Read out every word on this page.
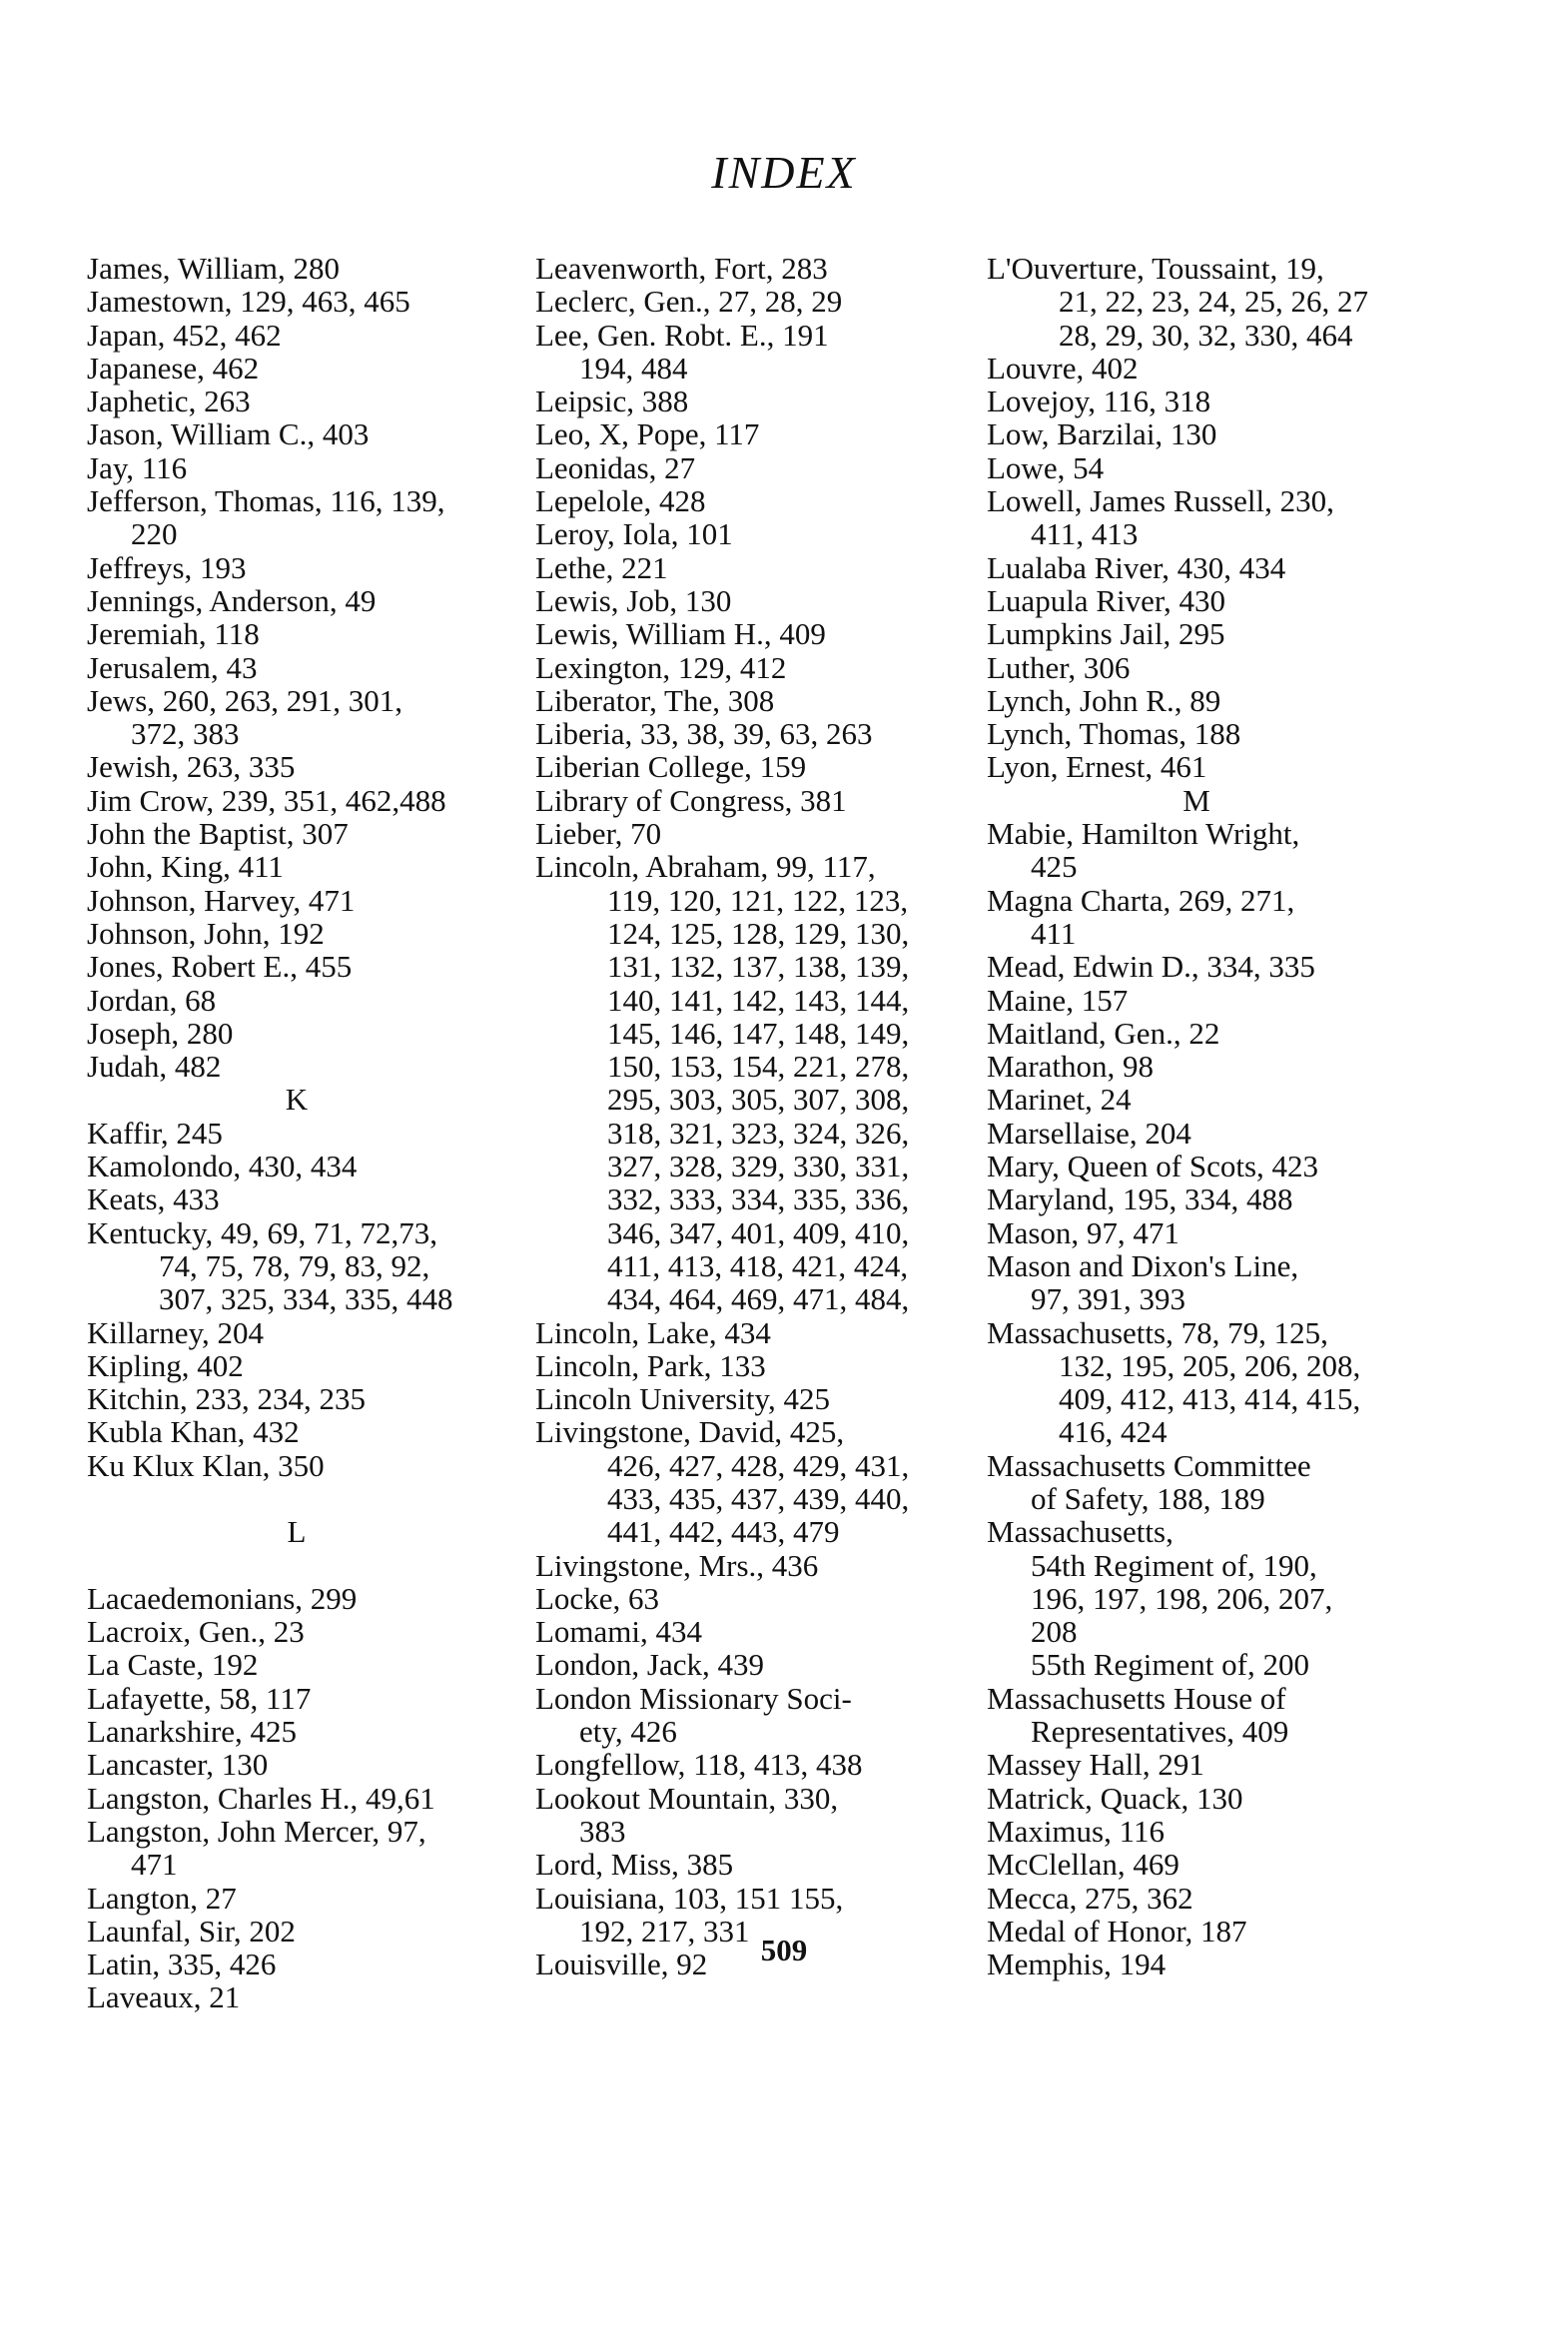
INDEX
James, William, 280
Jamestown, 129, 463, 465
Japan, 452, 462
Japanese, 462
Japhetic, 263
Jason, William C., 403
Jay, 116
Jefferson, Thomas, 116, 139,
220
Jeffreys, 193
Jennings, Anderson, 49
Jeremiah, 118
Jerusalem, 43
Jews, 260, 263, 291, 301,
372, 383
Jewish, 263, 335
Jim Crow, 239, 351, 462,488
John the Baptist, 307
John, King, 411
Johnson, Harvey, 471
Johnson, John, 192
Jones, Robert E., 455
Jordan, 68
Joseph, 280
Judah, 482
K
Kaffir, 245
Kamolondo, 430, 434
Keats, 433
Kentucky, 49, 69, 71, 72,73,
74, 75, 78, 79, 83, 92,
307, 325, 334, 335, 448
Killarney, 204
Kipling, 402
Kitchin, 233, 234, 235
Kubla Khan, 432
Ku Klux Klan, 350
L
Lacaedemonians, 299
Lacroix, Gen., 23
La Caste, 192
Lafayette, 58, 117
Lanarkshire, 425
Lancaster, 130
Langston, Charles H., 49,61
Langston, John Mercer, 97,
471
Langton, 27
Launfal, Sir, 202
Latin, 335, 426
Laveaux, 21
Leavenworth, Fort, 283
Leclerc, Gen., 27, 28, 29
Lee, Gen. Robt. E., 191
194, 484
Leipsic, 388
Leo, X, Pope, 117
Leonidas, 27
Lepelole, 428
Leroy, Iola, 101
Lethe, 221
Lewis, Job, 130
Lewis, William H., 409
Lexington, 129, 412
Liberator, The, 308
Liberia, 33, 38, 39, 63, 263
Liberian College, 159
Library of Congress, 381
Lieber, 70
Lincoln, Abraham, 99, 117,
119, 120, 121, 122, 123,
124, 125, 128, 129, 130,
131, 132, 137, 138, 139,
140, 141, 142, 143, 144,
145, 146, 147, 148, 149,
150, 153, 154, 221, 278,
295, 303, 305, 307, 308,
318, 321, 323, 324, 326,
327, 328, 329, 330, 331,
332, 333, 334, 335, 336,
346, 347, 401, 409, 410,
411, 413, 418, 421, 424,
434, 464, 469, 471, 484,
Lincoln, Lake, 434
Lincoln, Park, 133
Lincoln University, 425
Livingstone, David, 425,
426, 427, 428, 429, 431,
433, 435, 437, 439, 440,
441, 442, 443, 479
Livingstone, Mrs., 436
Locke, 63
Lomami, 434
London, Jack, 439
London Missionary Soci-
ety, 426
Longfellow, 118, 413, 438
Lookout Mountain, 330,
383
Lord, Miss, 385
Louisiana, 103, 151 155,
192, 217, 331
Louisville, 92
L'Ouverture, Toussaint, 19,
21, 22, 23, 24, 25, 26, 27
28, 29, 30, 32, 330, 464
Louvre, 402
Lovejoy, 116, 318
Low, Barzilai, 130
Lowe, 54
Lowell, James Russell, 230,
411, 413
Lualaba River, 430, 434
Luapula River, 430
Lumpkins Jail, 295
Luther, 306
Lynch, John R., 89
Lynch, Thomas, 188
Lyon, Ernest, 461
M
Mabie, Hamilton Wright,
425
Magna Charta, 269, 271,
411
Mead, Edwin D., 334, 335
Maine, 157
Maitland, Gen., 22
Marathon, 98
Marinet, 24
Marsellaise, 204
Mary, Queen of Scots, 423
Maryland, 195, 334, 488
Mason, 97, 471
Mason and Dixon's Line,
97, 391, 393
Massachusetts, 78, 79, 125,
132, 195, 205, 206, 208,
409, 412, 413, 414, 415,
416, 424
Massachusetts Committee
of Safety, 188, 189
Massachusetts,
54th Regiment of, 190,
196, 197, 198, 206, 207,
208
55th Regiment of, 200
Massachusetts House of
Representatives, 409
Massey Hall, 291
Matrick, Quack, 130
Maximus, 116
McClellan, 469
Mecca, 275, 362
Medal of Honor, 187
Memphis, 194
509
